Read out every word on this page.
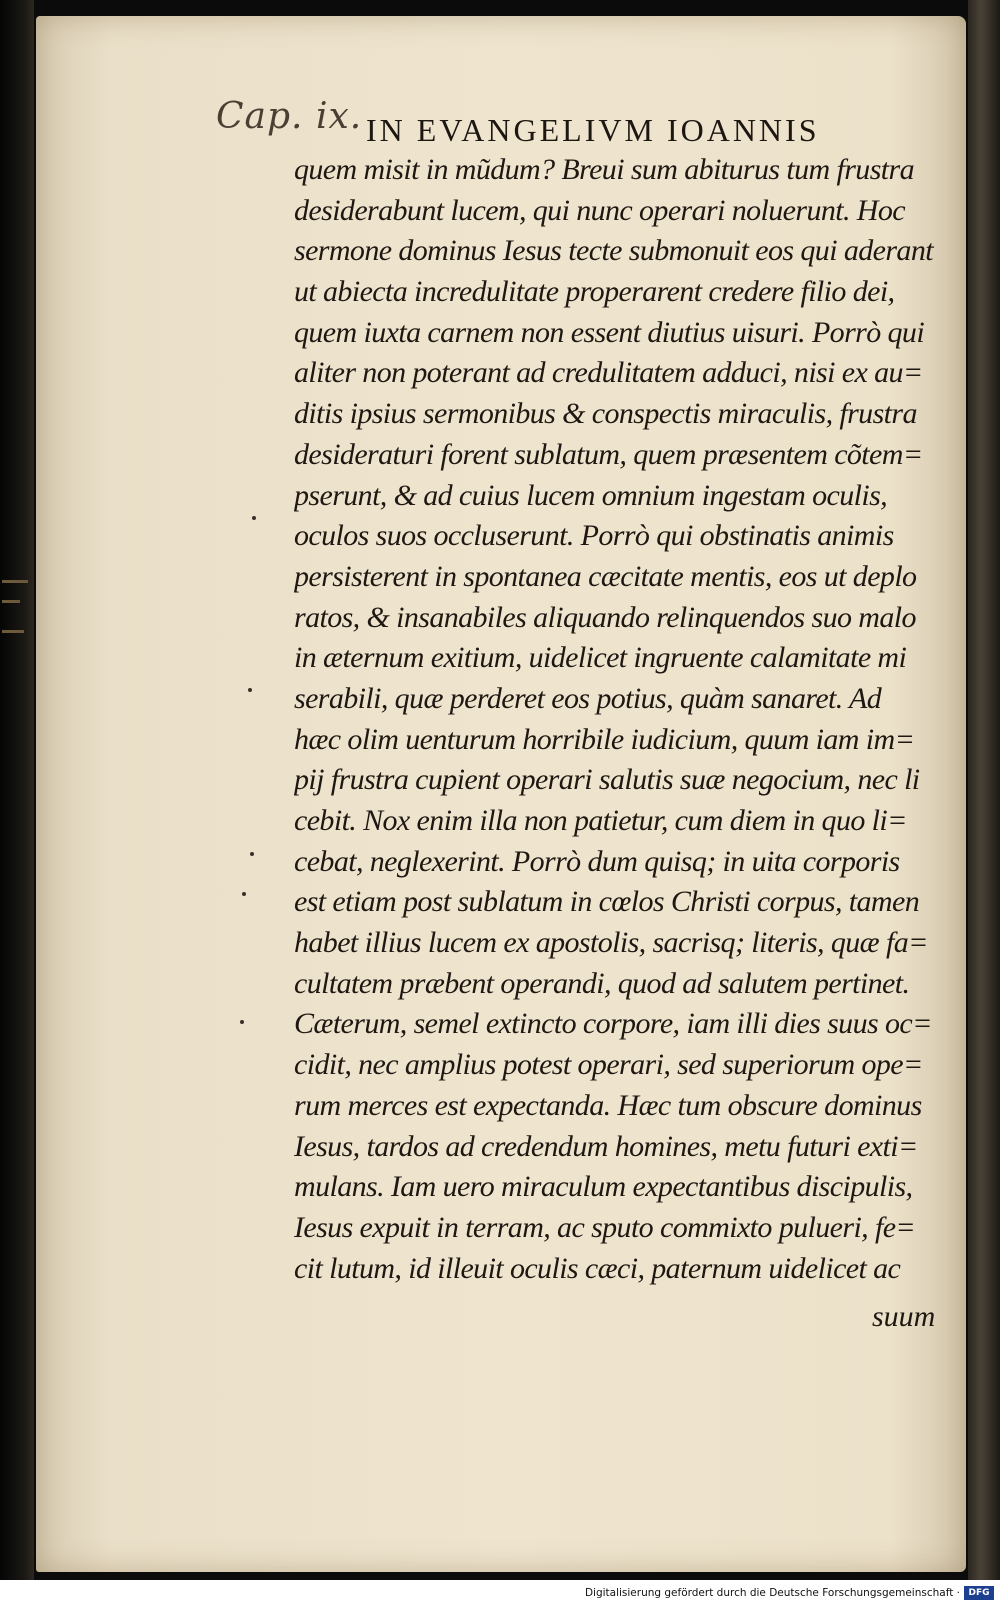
Cap. ix. IN EVANGELIVM IOANNIS
quem misit in mũdum? Breui sum abiturus tum frustra
desiderabunt lucem, qui nunc operari noluerunt. Hoc
sermone dominus Iesus tecte submonuit eos qui aderant
ut abiecta incredulitate properarent credere filio dei,
quem iuxta carnem non essent diutius uisuri. Porrò qui
aliter non poterant ad credulitatem adduci, nisi ex au=
ditis ipsius sermonibus & conspectis miraculis, frustra
desideraturi forent sublatum, quem præsentem cõtem=
pserunt, & ad cuius lucem omnium ingestam oculis,
oculos suos occluserunt. Porrò qui obstinatis animis
persisterent in spontanea cæcitate mentis, eos ut deplo
ratos, & insanabiles aliquando relinquendos suo malo
in æternum exitium, uidelicet ingruente calamitate mi
serabili, quæ perderet eos potius, quàm sanaret. Ad
hæc olim uenturum horribile iudicium, quum iam im=
pij frustra cupient operari salutis suæ negocium, nec li
cebit. Nox enim illa non patietur, cum diem in quo li=
cebat, neglexerint. Porrò dum quisq; in uita corporis
est etiam post sublatum in cœlos Christi corpus, tamen
habet illius lucem ex apostolis, sacrisq; literis, quæ fa=
cultatem præbent operandi, quod ad salutem pertinet.
Cæterum, semel extincto corpore, iam illi dies suus oc=
cidit, nec amplius potest operari, sed superiorum ope=
rum merces est expectanda. Hæc tum obscure dominus
Iesus, tardos ad credendum homines, metu futuri exti=
mulans. Iam uero miraculum expectantibus discipulis,
Iesus expuit in terram, ac sputo commixto pulueri, fe=
cit lutum, id illeuit oculis cæci, paternum uidelicet ac
suum
Digitalisierung gefördert durch die Deutsche Forschungsgemeinschaft · DFG
